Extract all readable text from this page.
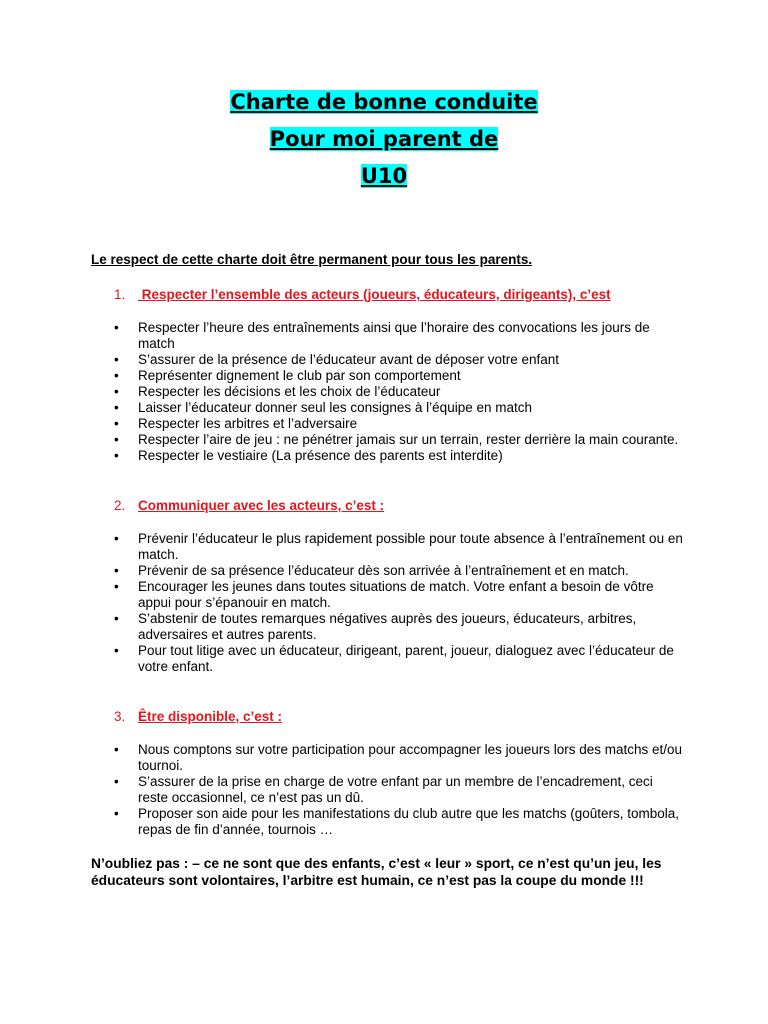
Charte de bonne conduite
Pour moi parent de
U10
Le respect de cette charte doit être permanent pour tous les parents.
1. Respecter l’ensemble des acteurs (joueurs, éducateurs, dirigeants), c’est
• Respecter l’heure des entraînements ainsi que l’horaire des convocations les jours de match
• S’assurer de la présence de l’éducateur avant de déposer votre enfant
• Représenter dignement le club par son comportement
• Respecter les décisions et les choix de l’éducateur
• Laisser l’éducateur donner seul les consignes à l’équipe en match
• Respecter les arbitres et l’adversaire
• Respecter l’aire de jeu : ne pénétrer jamais sur un terrain, rester derrière la main courante.
• Respecter le vestiaire (La présence des parents est interdite)
2. Communiquer avec les acteurs, c’est :
• Prévenir l’éducateur le plus rapidement possible pour toute absence à l’entraînement ou en match.
• Prévenir de sa présence l’éducateur dès son arrivée à l’entraînement et en match.
• Encourager les jeunes dans toutes situations de match. Votre enfant a besoin de vôtre appui pour s’épanouir en match.
• S’abstenir de toutes remarques négatives auprès des joueurs, éducateurs, arbitres, adversaires et autres parents.
• Pour tout litige avec un éducateur, dirigeant, parent, joueur, dialoguez avec l’éducateur de votre enfant.
3. Être disponible, c’est :
• Nous comptons sur votre participation pour accompagner les joueurs lors des matchs et/ou tournoi.
• S’assurer de la prise en charge de votre enfant par un membre de l’encadrement, ceci reste occasionnel, ce n’est pas un dû.
• Proposer son aide pour les manifestations du club autre que les matchs (goûters, tombola, repas de fin d’année, tournois …
N’oubliez pas : – ce ne sont que des enfants, c’est « leur » sport, ce n’est qu’un jeu, les éducateurs sont volontaires, l’arbitre est humain, ce n’est pas la coupe du monde !!!
